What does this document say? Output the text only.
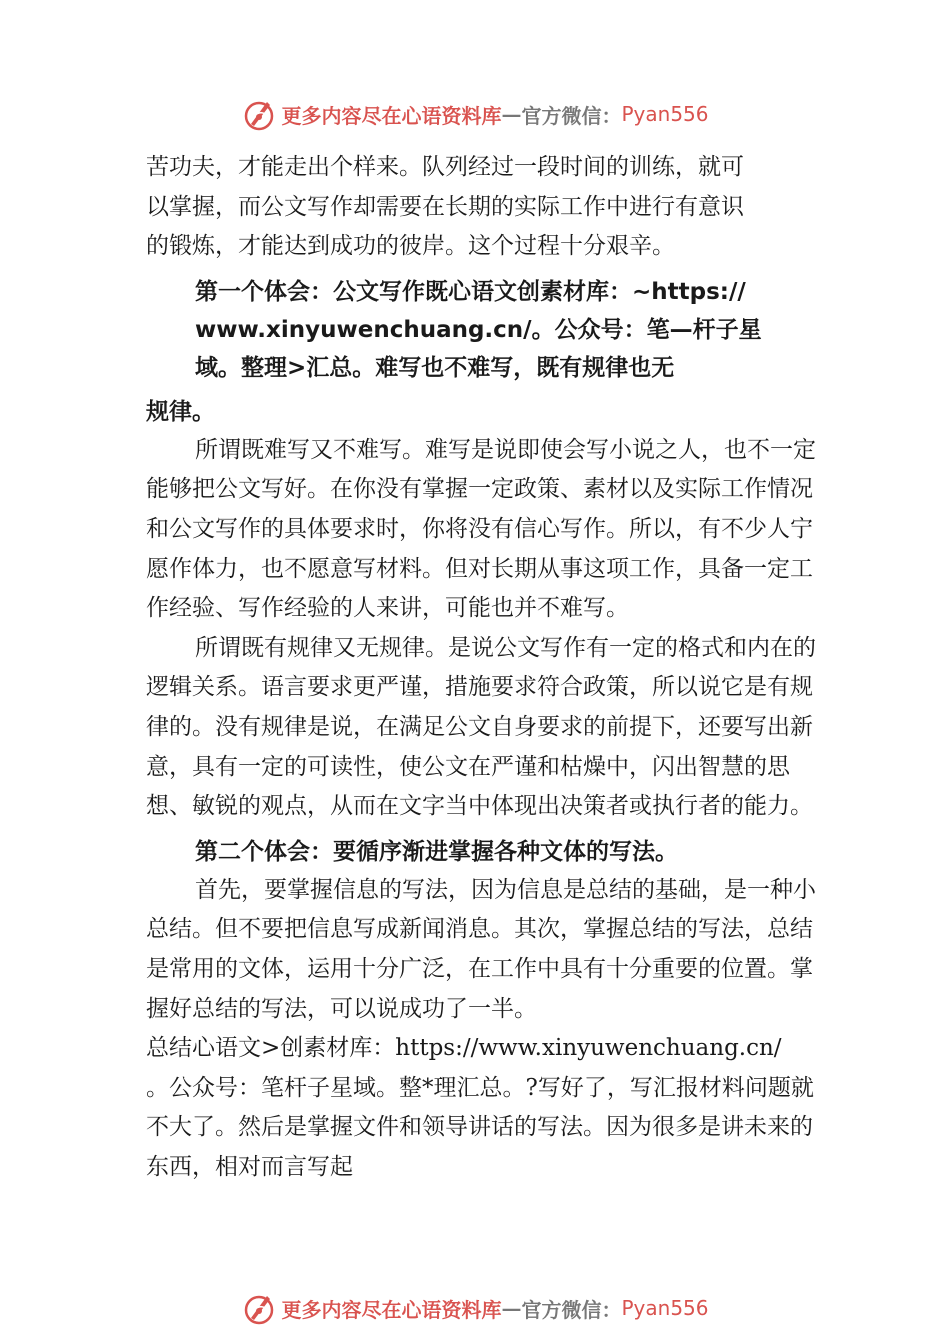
更多内容尽在心语资料库 — 官方微信： Pyan556
苦功夫，才能走出个样来。队列经过一段时间的训练，就可
以掌握，而公文写作却需要在长期的实际工作中进行有意识
的锻炼，才能达到成功的彼岸。这个过程十分艰辛。
第一个体会：公文写作既心语文创素材库：~https://
www.xinyuwenchuang.cn/。公众号：笔—杆子星
域。整理>汇总。难写也不难写，既有规律也无
规律。

所谓既难写又不难写。难写是说即使会写小说之人，也不一定能够把公文写好。在你没有掌握一定政策、素材以及实际工作情况和公文写作的具体要求时，你将没有信心写作。所以，有不少人宁愿作体力，也不愿意写材料。但对长期从事这项工作，具备一定工作经验、写作经验的人来讲，可能也并不难写。

所谓既有规律又无规律。是说公文写作有一定的格式和内在的逻辑关系。语言要求更严谨，措施要求符合政策，所以说它是有规律的。没有规律是说，在满足公文自身要求的前提下，还要写出新意，具有一定的可读性，使公文在严谨和枯燥中，闪出智慧的思想、敏锐的观点，从而在文字当中体现出决策者或执行者的能力。

第二个体会：要循序渐进掌握各种文体的写法。

首先，要掌握信息的写法，因为信息是总结的基础，是一种小总结。但不要把信息写成新闻消息。其次，掌握总结的写法，总结是常用的文体，运用十分广泛，在工作中具有十分重要的位置。掌握好总结的写法，可以说成功了一半。

总结心语文>创素材库：https://www.xinyuwenchuang.cn/

。公众号：笔杆子星域。整*理汇总。?写好了，写汇报材料问题就不大了。然后是掌握文件和领导讲话的写法。因为很多是讲未来的东西，相对而言写起

更多内容尽在心语资料库 — 官方微信： Pyan556
